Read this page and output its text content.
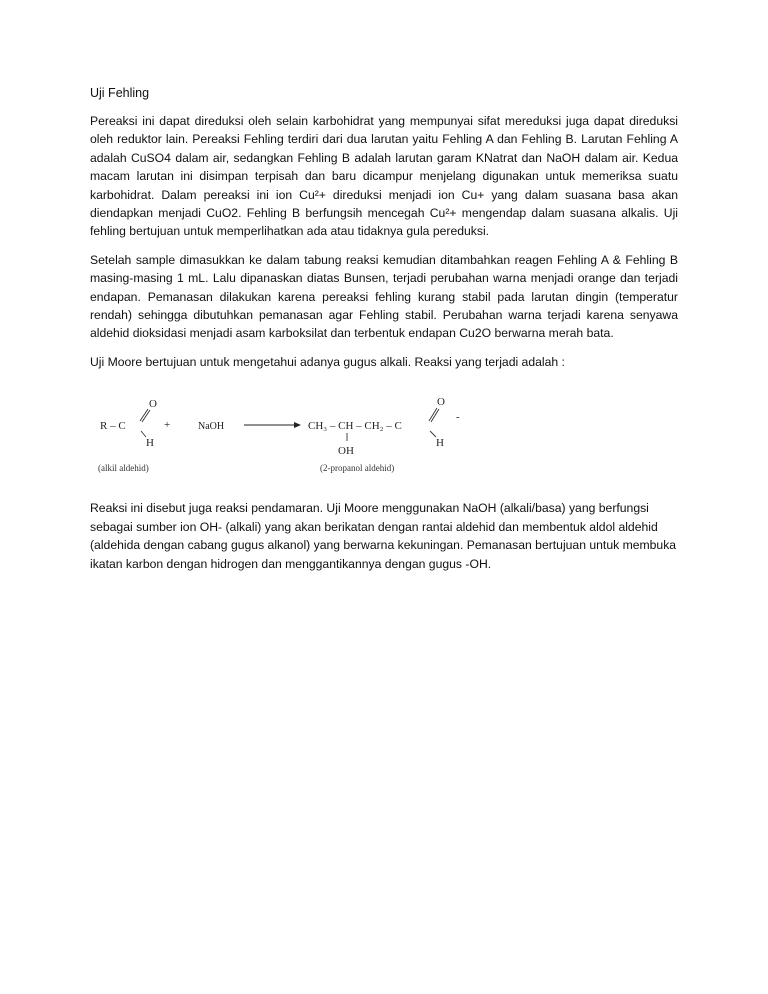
Uji Fehling

Pereaksi ini dapat direduksi oleh selain karbohidrat yang mempunyai sifat mereduksi juga dapat direduksi oleh reduktor lain. Pereaksi Fehling terdiri dari dua larutan yaitu Fehling A dan Fehling B. Larutan Fehling A adalah CuSO4 dalam air, sedangkan Fehling B adalah larutan garam KNatrat dan NaOH dalam air. Kedua macam larutan ini disimpan terpisah dan baru dicampur menjelang digunakan untuk memeriksa suatu karbohidrat. Dalam pereaksi ini ion Cu²+ direduksi menjadi ion Cu+ yang dalam suasana basa akan diendapkan menjadi CuO2. Fehling B berfungsih mencegah Cu²+ mengendap dalam suasana alkalis. Uji fehling bertujuan untuk memperlihatkan ada atau tidaknya gula pereduksi.

Setelah sample dimasukkan ke dalam tabung reaksi kemudian ditambahkan reagen Fehling A & Fehling B masing-masing 1 mL. Lalu dipanaskan diatas Bunsen, terjadi perubahan warna menjadi orange dan terjadi endapan. Pemanasan dilakukan karena pereaksi fehling kurang stabil pada larutan dingin (temperatur rendah) sehingga dibutuhkan pemanasan agar Fehling stabil. Perubahan warna terjadi karena senyawa aldehid dioksidasi menjadi asam karboksilat dan terbentuk endapan Cu2O berwarna merah bata.

Uji Moore bertujuan untuk mengetahui adanya gugus alkali. Reaksi yang terjadi adalah :

R – C
O
H
+	NaOH	CH₃ – CH – CH₂ – C
OH
O
H
-
(alkil aldehid)	(2-propanol aldehid)

Reaksi ini disebut juga reaksi pendamaran. Uji Moore menggunakan NaOH (alkali/basa) yang berfungsi sebagai sumber ion OH- (alkali) yang akan berikatan dengan rantai aldehid dan membentuk aldol aldehid (aldehida dengan cabang gugus alkanol) yang berwarna kekuningan. Pemanasan bertujuan untuk membuka ikatan karbon dengan hidrogen dan menggantikannya dengan gugus -OH.
